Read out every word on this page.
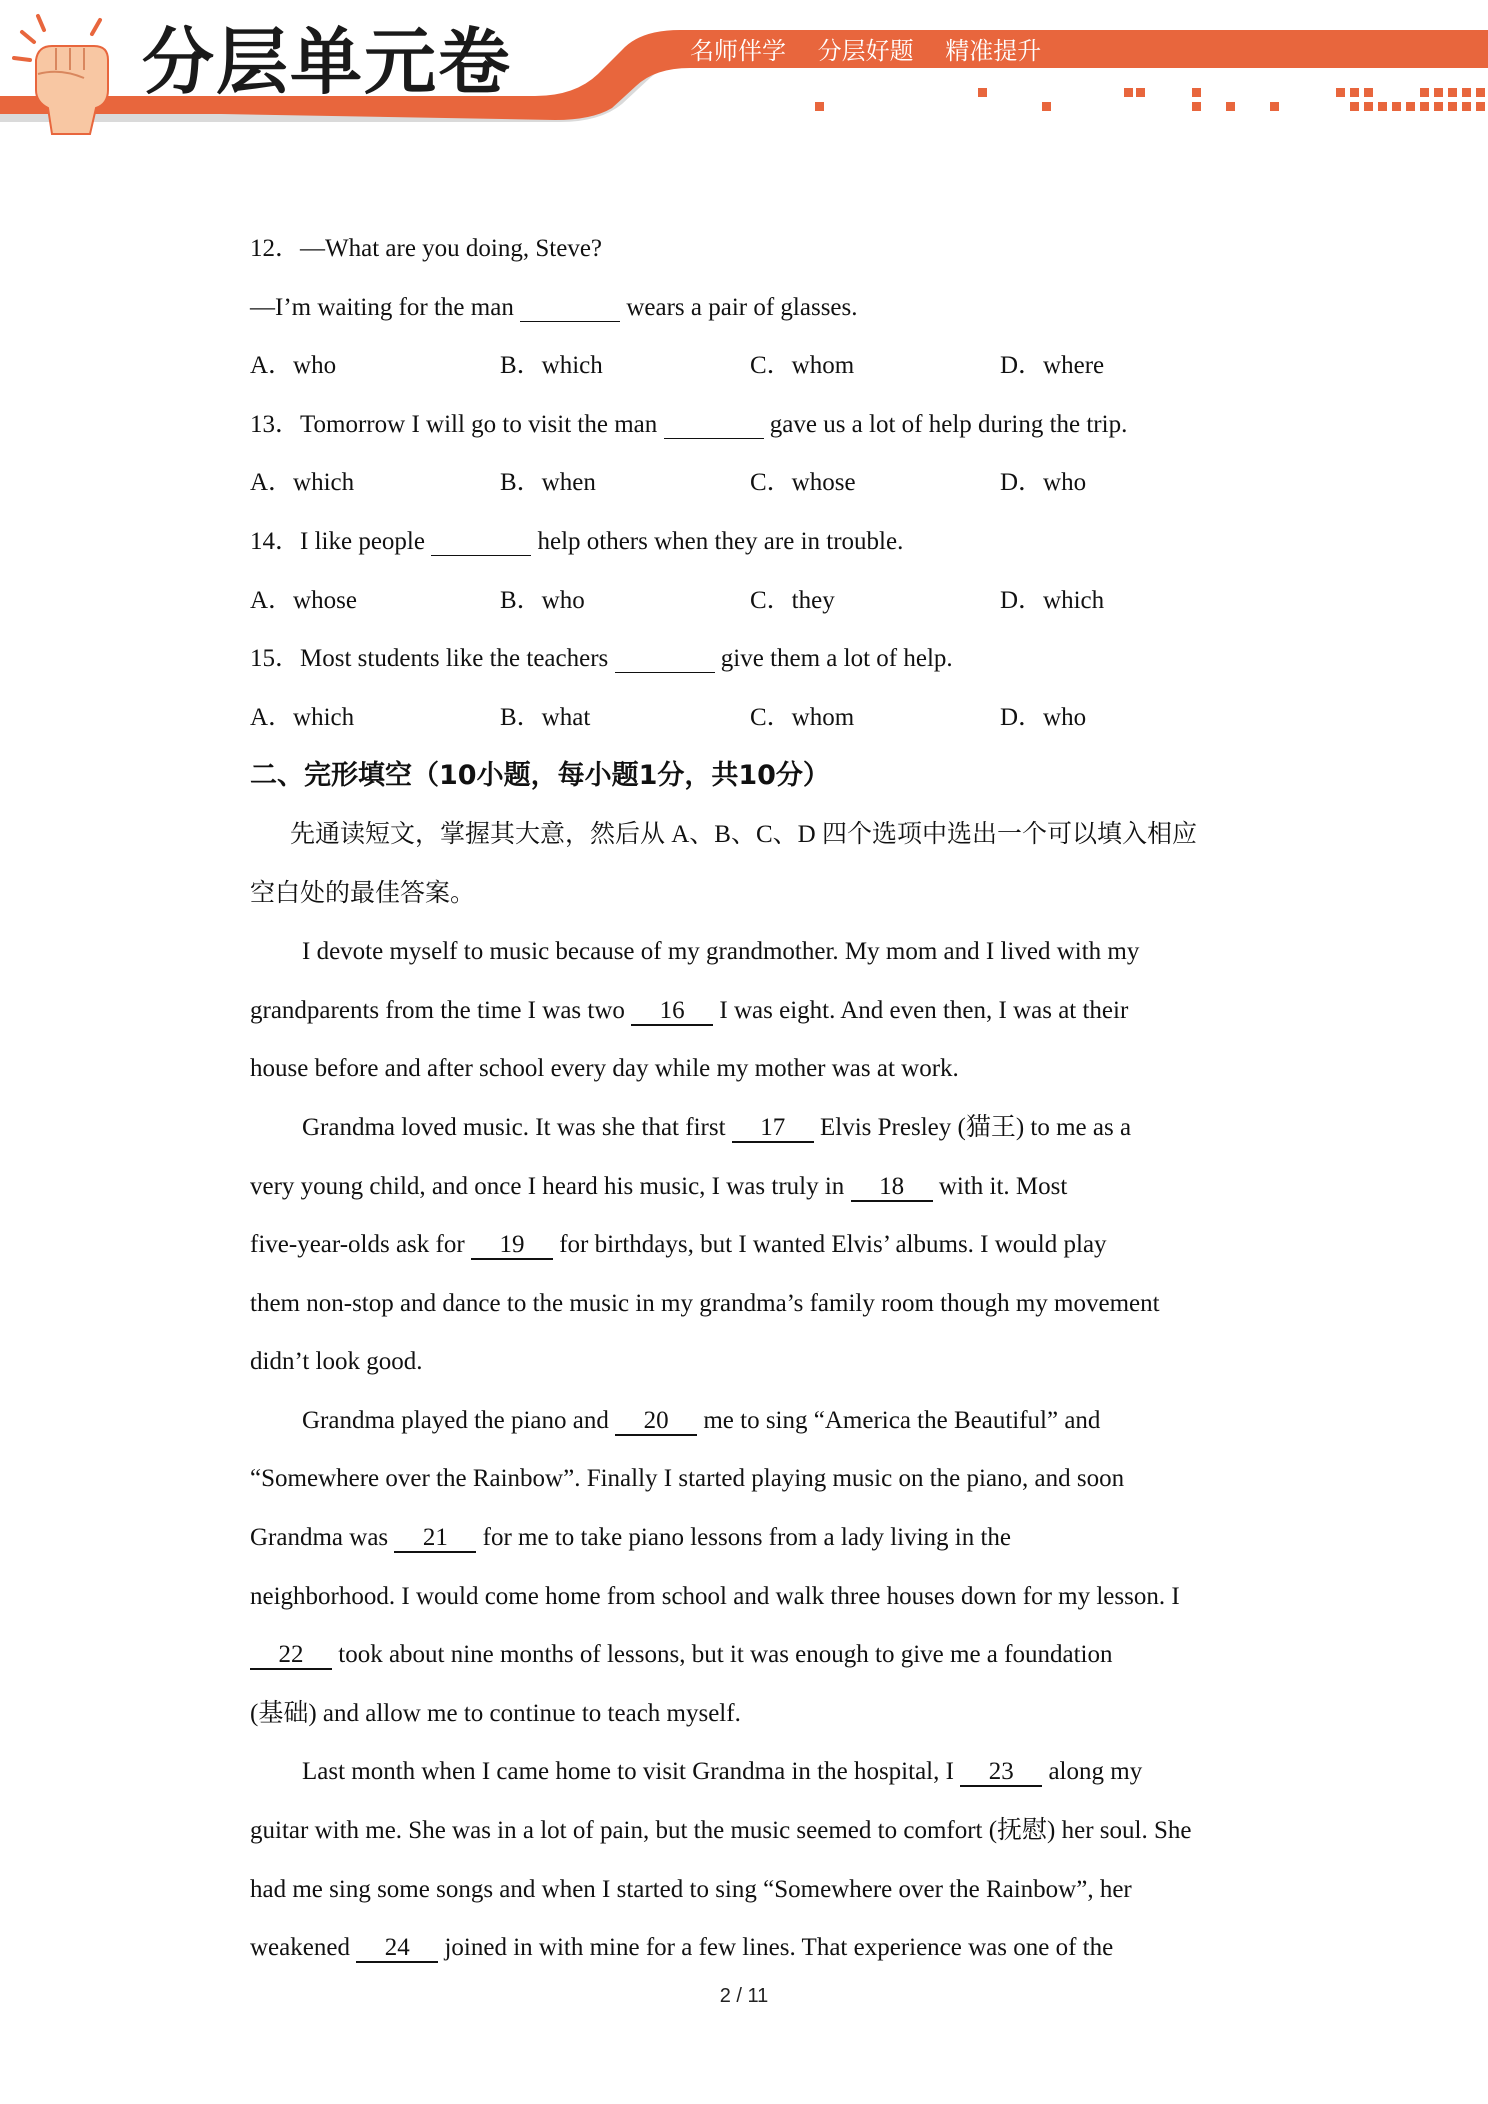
分层单元卷	名师伴学 分层好题 精准提升
12．—What are you doing, Steve?
—I’m waiting for the man	wears a pair of glasses.
A．who	B．which	C．whom	D．where
13．Tomorrow I will go to visit the man	gave us a lot of help during the trip.
A．which	B．when	C．whose	D．who
14．I like people	help others when they are in trouble.
A．whose	B．who	C．they	D．which
15．Most students like the teachers	give them a lot of help.
A．which	B．what	C．whom	D．who
二、完形填空（10小题，每小题1分，共10分）
先通读短文，掌握其大意，然后从 A、B、C、D 四个选项中选出一个可以填入相应
空白处的最佳答案。
I devote myself to music because of my grandmother. My mom and I lived with my
grandparents from the time I was two 16 I was eight. And even then, I was at their
house before and after school every day while my mother was at work.
Grandma loved music. It was she that first 17 Elvis Presley (猫王) to me as a
very young child, and once I heard his music, I was truly in 18 with it. Most
five-year-olds ask for 19 for birthdays, but I wanted Elvis’ albums. I would play
them non-stop and dance to the music in my grandma’s family room though my movement
didn’t look good.
Grandma played the piano and 20 me to sing “America the Beautiful” and
“Somewhere over the Rainbow”. Finally I started playing music on the piano, and soon
Grandma was 21 for me to take piano lessons from a lady living in the
neighborhood. I would come home from school and walk three houses down for my lesson. I
22 took about nine months of lessons, but it was enough to give me a foundation
(基础) and allow me to continue to teach myself.
Last month when I came home to visit Grandma in the hospital, I 23 along my
guitar with me. She was in a lot of pain, but the music seemed to comfort (抚慰) her soul. She
had me sing some songs and when I started to sing “Somewhere over the Rainbow”, her
weakened 24 joined in with mine for a few lines. That experience was one of the
2 / 11
